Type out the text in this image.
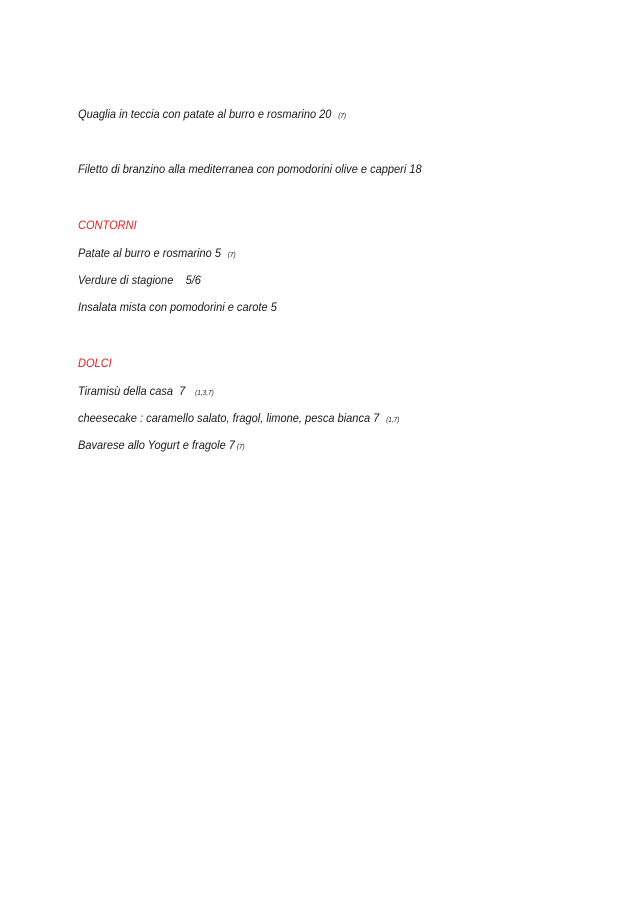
Quaglia in teccia con patate al burro e rosmarino 20 (7)
Filetto di branzino alla mediterranea con pomodorini olive e capperi 18
CONTORNI
Patate al burro e rosmarino 5 (7)
Verdure di stagione    5/6
Insalata mista con pomodorini e carote 5
DOLCI
Tiramisù della casa  7  (1,3,7)
cheesecake : caramello salato, fragol, limone, pesca bianca 7 (1,7)
Bavarese allo Yogurt e fragole 7 (7)
